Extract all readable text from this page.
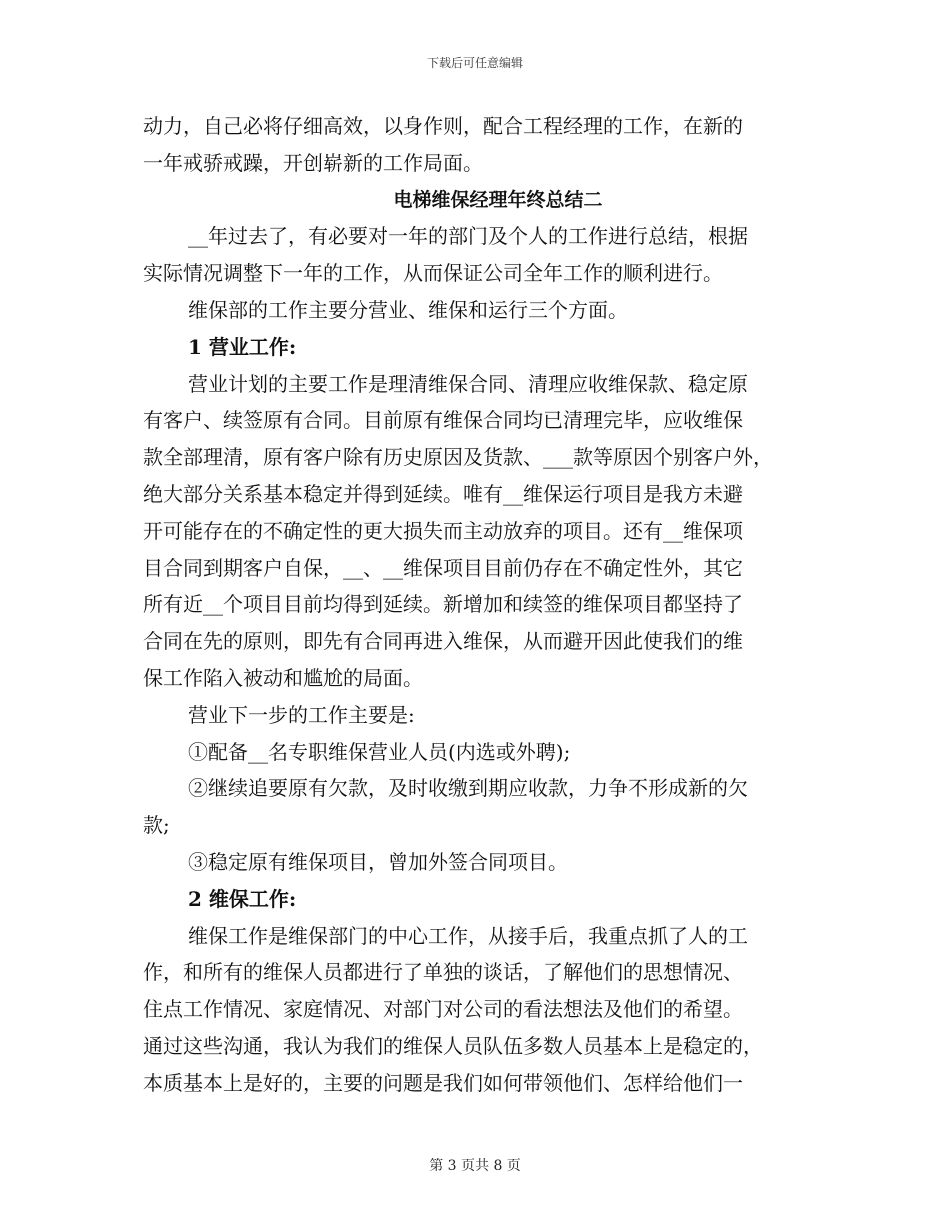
下载后可任意编辑
动力，自己必将仔细高效，以身作则，配合工程经理的工作，在新的
一年戒骄戒躁，开创崭新的工作局面。
电梯维保经理年终总结二
__年过去了，有必要对一年的部门及个人的工作进行总结，根据
实际情况调整下一年的工作，从而保证公司全年工作的顺利进行。
维保部的工作主要分营业、维保和运行三个方面。
1 营业工作:
营业计划的主要工作是理清维保合同、清理应收维保款、稳定原
有客户、续签原有合同。目前原有维保合同均已清理完毕，应收维保
款全部理清，原有客户除有历史原因及货款、___款等原因个别客户外，
绝大部分关系基本稳定并得到延续。唯有__维保运行项目是我方未避
开可能存在的不确定性的更大损失而主动放弃的项目。还有__维保项
目合同到期客户自保，__、__维保项目目前仍存在不确定性外，其它
所有近__个项目目前均得到延续。新增加和续签的维保项目都坚持了
合同在先的原则，即先有合同再进入维保，从而避开因此使我们的维
保工作陷入被动和尴尬的局面。
营业下一步的工作主要是:
①配备__名专职维保营业人员(内选或外聘);
②继续追要原有欠款，及时收缴到期应收款，力争不形成新的欠
款;
③稳定原有维保项目，曾加外签合同项目。
2 维保工作:
维保工作是维保部门的中心工作，从接手后，我重点抓了人的工
作，和所有的维保人员都进行了单独的谈话，了解他们的思想情况、
住点工作情况、家庭情况、对部门对公司的看法想法及他们的希望。
通过这些沟通，我认为我们的维保人员队伍多数人员基本上是稳定的，
本质基本上是好的，主要的问题是我们如何带领他们、怎样给他们一
第 3 页共 8 页
